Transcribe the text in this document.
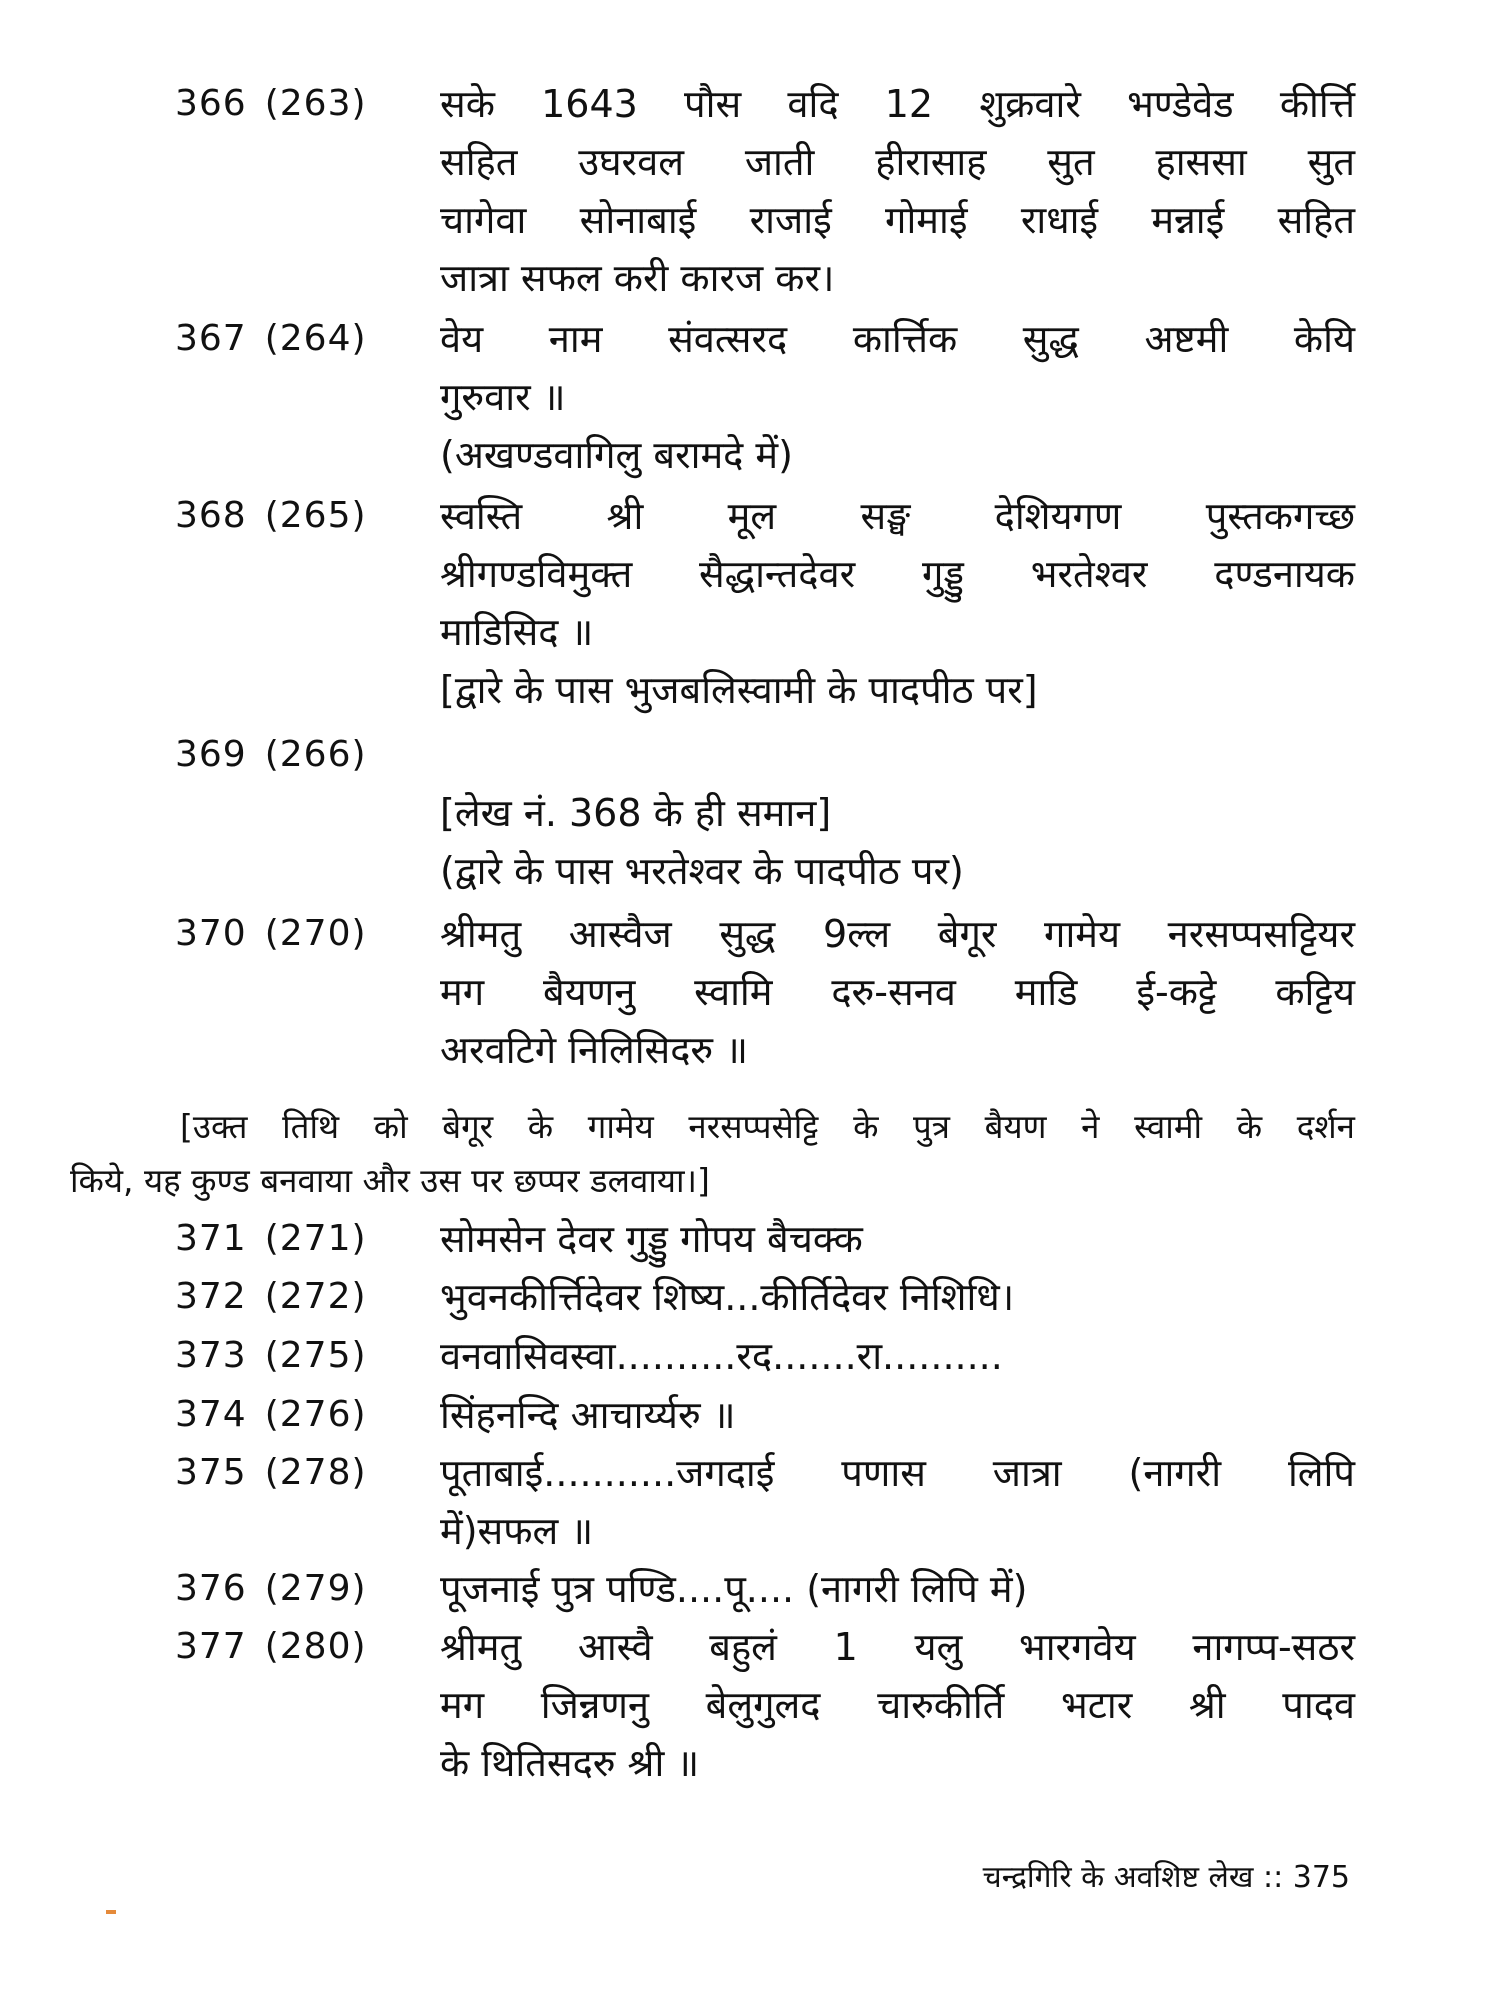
366 (263)	सके 1643 पौस वदि 12 शुक्रवारे भण्डेवेड कीर्त्ति
सहित उघरवल जाती हीरासाह सुत हाससा सुत
चागेवा सोनाबाई राजाई गोमाई राधाई मन्नाई सहित
जात्रा सफल करी कारज कर।
367 (264)	वेय नाम संवत्सरद कार्त्तिक सुद्ध अष्टमी केयि
गुरुवार ॥
(अखण्डवागिलु बरामदे में)
368 (265)	स्वस्ति श्री मूल सङ्घ देशियगण पुस्तकगच्छ
श्रीगण्डविमुक्त सैद्धान्तदेवर गुड्डु भरतेश्वर दण्डनायक
माडिसिद ॥
[द्वारे के पास भुजबलिस्वामी के पादपीठ पर]
369 (266)

[लेख नं. 368 के ही समान]
(द्वारे के पास भरतेश्वर के पादपीठ पर)
370 (270)	श्रीमतु आस्वैज सुद्ध 9ल्ल बेगूर गामेय नरसप्पसट्टियर
मग बैयणनु स्वामि दरु-सनव माडि ई-कट्टे कट्टिय
अरवटिगे निलिसिदरु ॥
[उक्त तिथि को बेगूर के गामेय नरसप्पसेट्टि के पुत्र बैयण ने स्वामी के दर्शन
किये, यह कुण्ड बनवाया और उस पर छप्पर डलवाया।]
371 (271)	सोमसेन देवर गुड्डु गोपय बैचक्क
372 (272)	भुवनकीर्त्तिदेवर शिष्य...कीर्तिदेवर निशिधि।
373 (275)	वनवासिवस्वा..........रद.......रा..........
374 (276)	सिंहनन्दि आचार्य्यरु ॥
375 (278)	पूताबाई...........जगदाई पणास जात्रा (नागरी लिपि
में)सफल ॥
376 (279)	पूजनाई पुत्र पण्डि....पू.... (नागरी लिपि में)
377 (280)	श्रीमतु आस्वै बहुलं 1 यलु भारगवेय नागप्प-सठर
मग जिन्नणनु बेलुगुलद चारुकीर्ति भटार श्री पादव
के थितिसदरु श्री ॥
चन्द्रगिरि के अवशिष्ट लेख :: 375
